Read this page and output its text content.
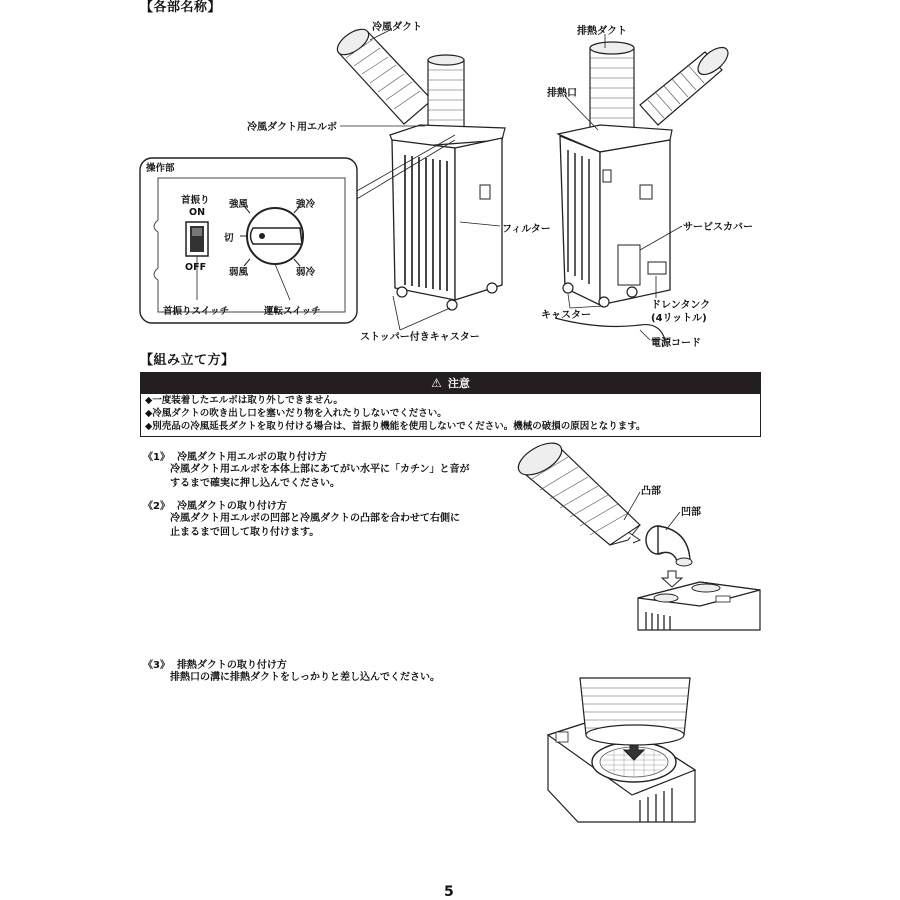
【各部名称】
【組み立て方】
冷風ダクト
冷風ダクト用エルボ
フィルター
ストッパー付きキャスター
操作部
首振り
ON
OFF
強風	強冷
切
弱風	弱冷
首振りスイッチ	運転スイッチ
排熱ダクト
排熱口
サービスカバー
ドレンタンク
(4リットル)
キャスター
電源コード
⚠ 注意
◆一度装着したエルボは取り外しできません。
◆冷風ダクトの吹き出し口を塞いだり物を入れたりしないでください。
◆別売品の冷風延長ダクトを取り付ける場合は、首振り機能を使用しないでください。機械の破損の原因となります。
《1》 冷風ダクト用エルボの取り付け方
冷風ダクト用エルボを本体上部にあてがい水平に「カチン」と音が
するまで確実に押し込んでください。
《2》 冷風ダクトの取り付け方
冷風ダクト用エルボの凹部と冷風ダクトの凸部を合わせて右側に
止まるまで回して取り付けます。
《3》 排熱ダクトの取り付け方
排熱口の溝に排熱ダクトをしっかりと差し込んでください。
凸部
凹部
5
